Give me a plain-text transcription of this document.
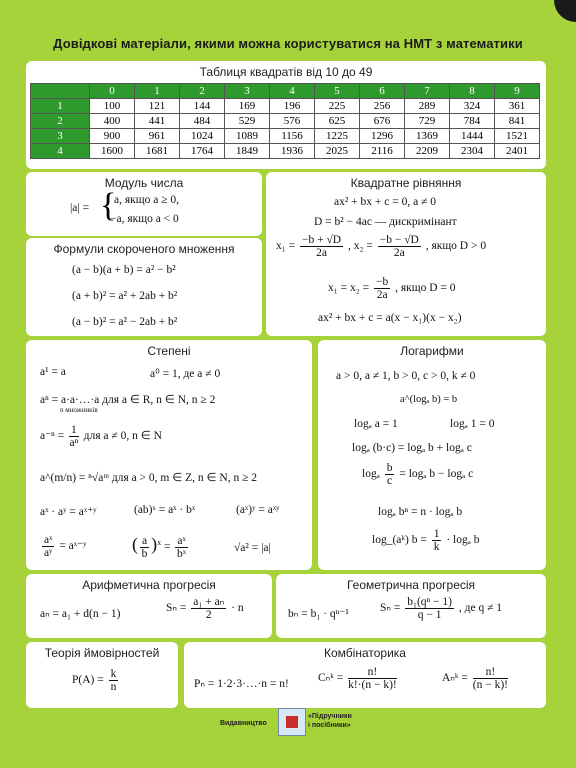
Довідкові матеріали, якими можна користуватися на НМТ з математики
Таблиця квадратів від 10 до 49
	0	1	2	3	4	5	6	7	8	9
1	100	121	144	169	196	225	256	289	324	361
2	400	441	484	529	576	625	676	729	784	841
3	900	961	1024	1089	1156	1225	1296	1369	1444	1521
4	1600	1681	1764	1849	1936	2025	2116	2209	2304	2401
Модуль числа
|a| = {
a, якщо a ≥ 0,
−a, якщо a < 0
Формули скороченого множення
(a − b)(a + b) = a² − b²
(a + b)² = a² + 2ab + b²
(a − b)² = a² − 2ab + b²
Квадратне рівняння
ax² + bx + c = 0, a ≠ 0
D = b² − 4ac — дискримінант
$x_1 = \frac{-b + √D}{2a}$ , $x_2 = \frac{-b - √D}{2a}$ , якщо D > 0
$x_1 = x_2 = \frac{-b}{2a}$ , якщо D = 0
ax² + bx + c = a(x − x₁)(x − x₂)
Степені
a¹ = a	a⁰ = 1, де a ≠ 0
aⁿ = a·a·…·a для a ∈ R, n ∈ N, n ≥ 2
n множників
$a^{-n} = \frac{1}{\text{aⁿ}}$ для a ≠ 0, n ∈ N
a^(m/n) = ⁿ√aᵐ для a > 0, m ∈ Z, n ∈ N, n ≥ 2
aˣ · aʸ = aˣ⁺ʸ	(ab)ˣ = aˣ · bˣ	(aˣ)ʸ = aˣʸ
$\frac{\text{aˣ}}{\text{aʸ}}$ = aˣ⁻ʸ	( $\frac{a}{b} )^x = \frac{\text{aˣ}}{\text{bˣ}}$	√a² = |a|
Логарифми
a > 0, a ≠ 1, b > 0, c > 0, k ≠ 0
a^(logₐ b) = b
logₐ a = 1	logₐ 1 = 0
logₐ (b·c) = logₐ b + logₐ c
logₐ $\frac{b}{c} = \log_a$ b − logₐ c
logₐ bⁿ = n · logₐ b
log_(aᵏ) $b = \frac{1}{k} \cdot \log_a$ b
Арифметична прогресія
aₙ = a₁ + d(n − 1)	$S_n = \frac{\text{a₁ + aₙ}}{2} \cdot n$
Геометрична прогресія
bₙ = b₁ · qⁿ⁻¹	$S_n = \frac{\text{b₁(qⁿ − 1)}}{q - 1}$ , де q ≠ 1
Теорія ймовірностей
$P(A) = \frac{k}{n}$
Комбінаторика
Pₙ = 1·2·3·…·n = n!	Cₙᵏ = $\frac{n!}{k!\cdot(n - k)!}$	Aₙᵏ = $\frac{n!}{(n - k)!}$
Видавництво
«Підручники
і посібники»
